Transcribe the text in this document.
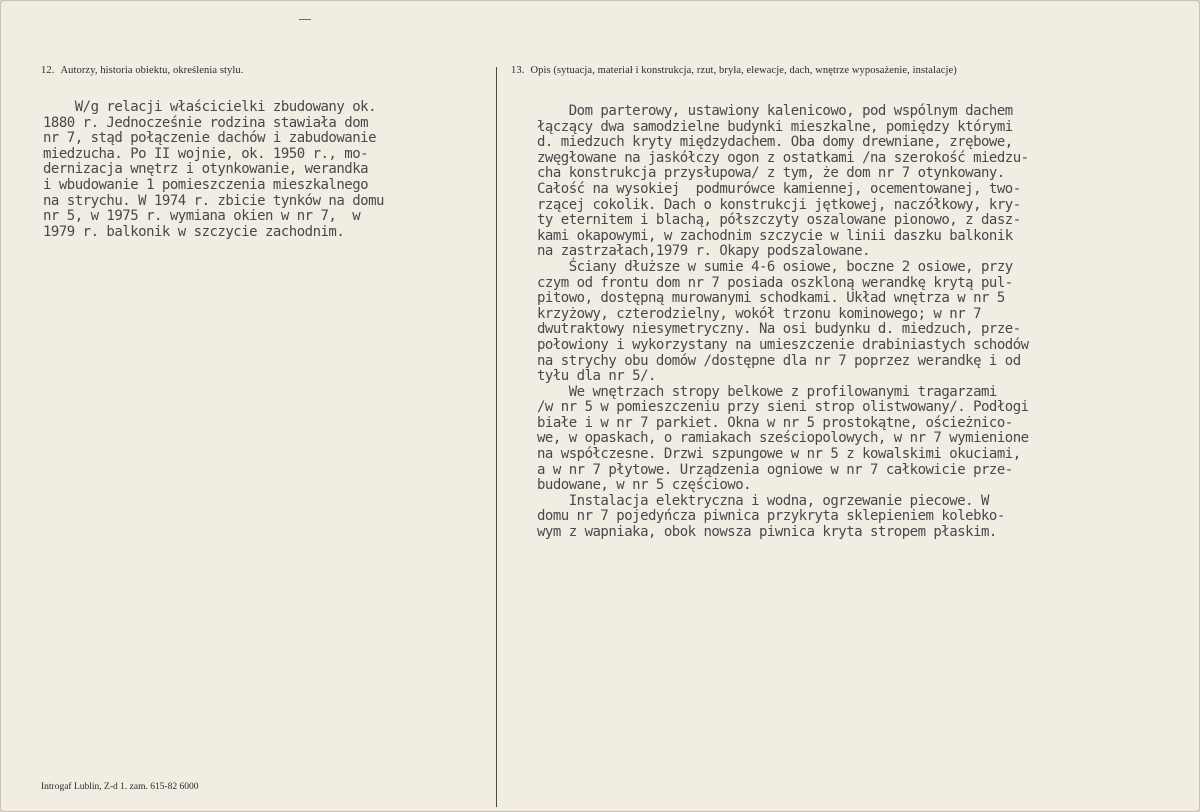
12. Autorzy, historia obiektu, określenia stylu.	13. Opis (sytuacja, materiał i konstrukcja, rzut, bryła, elewacje, dach, wnętrze wyposażenie, instalacje)
W/g relacji właścicielki zbudowany ok.
1880 r. Jednocześnie rodzina stawiała dom
nr 7, stąd połączenie dachów i zabudowanie
miedzucha. Po II wojnie, ok. 1950 r., mo-
dernizacja wnętrz i otynkowanie, werandka
i wbudowanie 1 pomieszczenia mieszkalnego
na strychu. W 1974 r. zbicie tynków na domu
nr 5, w 1975 r. wymiana okien w nr 7,  w
1979 r. balkonik w szczycie zachodnim.
Dom parterowy, ustawiony kalenicowo, pod wspólnym dachem
łączący dwa samodzielne budynki mieszkalne, pomiędzy którymi
d. miedzuch kryty międzydachem. Oba domy drewniane, zrębowe,
zwęgłowane na jaskółczy ogon z ostatkami /na szerokość miedzu-
cha konstrukcja przysłupowa/ z tym, że dom nr 7 otynkowany.
Całość na wysokiej  podmurówce kamiennej, ocementowanej, two-
rzącej cokolik. Dach o konstrukcji jętkowej, naczółkowy, kry-
ty eternitem i blachą, półszczyty oszalowane pionowo, z dasz-
kami okapowymi, w zachodnim szczycie w linii daszku balkonik
na zastrzałach,1979 r. Okapy podszalowane.
Ściany dłuższe w sumie 4-6 osiowe, boczne 2 osiowe, przy
czym od frontu dom nr 7 posiada oszkloną werandkę krytą pul-
pitowo, dostępną murowanymi schodkami. Układ wnętrza w nr 5
krzyżowy, czterodzielny, wokół trzonu kominowego; w nr 7
dwutraktowy niesymetryczny. Na osi budynku d. miedzuch, prze-
połowiony i wykorzystany na umieszczenie drabiniastych schodów
na strychy obu domów /dostępne dla nr 7 poprzez werandkę i od
tyłu dla nr 5/.
We wnętrzach stropy belkowe z profilowanymi tragarzami
/w nr 5 w pomieszczeniu przy sieni strop olistwowany/. Podłogi
białe i w nr 7 parkiet. Okna w nr 5 prostokątne, ościeżnico-
we, w opaskach, o ramiakach sześciopolowych, w nr 7 wymienione
na współczesne. Drzwi szpungowe w nr 5 z kowalskimi okuciami,
a w nr 7 płytowe. Urządzenia ogniowe w nr 7 całkowicie prze-
budowane, w nr 5 częściowo.
Instalacja elektryczna i wodna, ogrzewanie piecowe. W
domu nr 7 pojedyńcza piwnica przykryta sklepieniem kolebko-
wym z wapniaka, obok nowsza piwnica kryta stropem płaskim.
Introgaf Lublin, Z-d 1. zam. 615-82 6000
